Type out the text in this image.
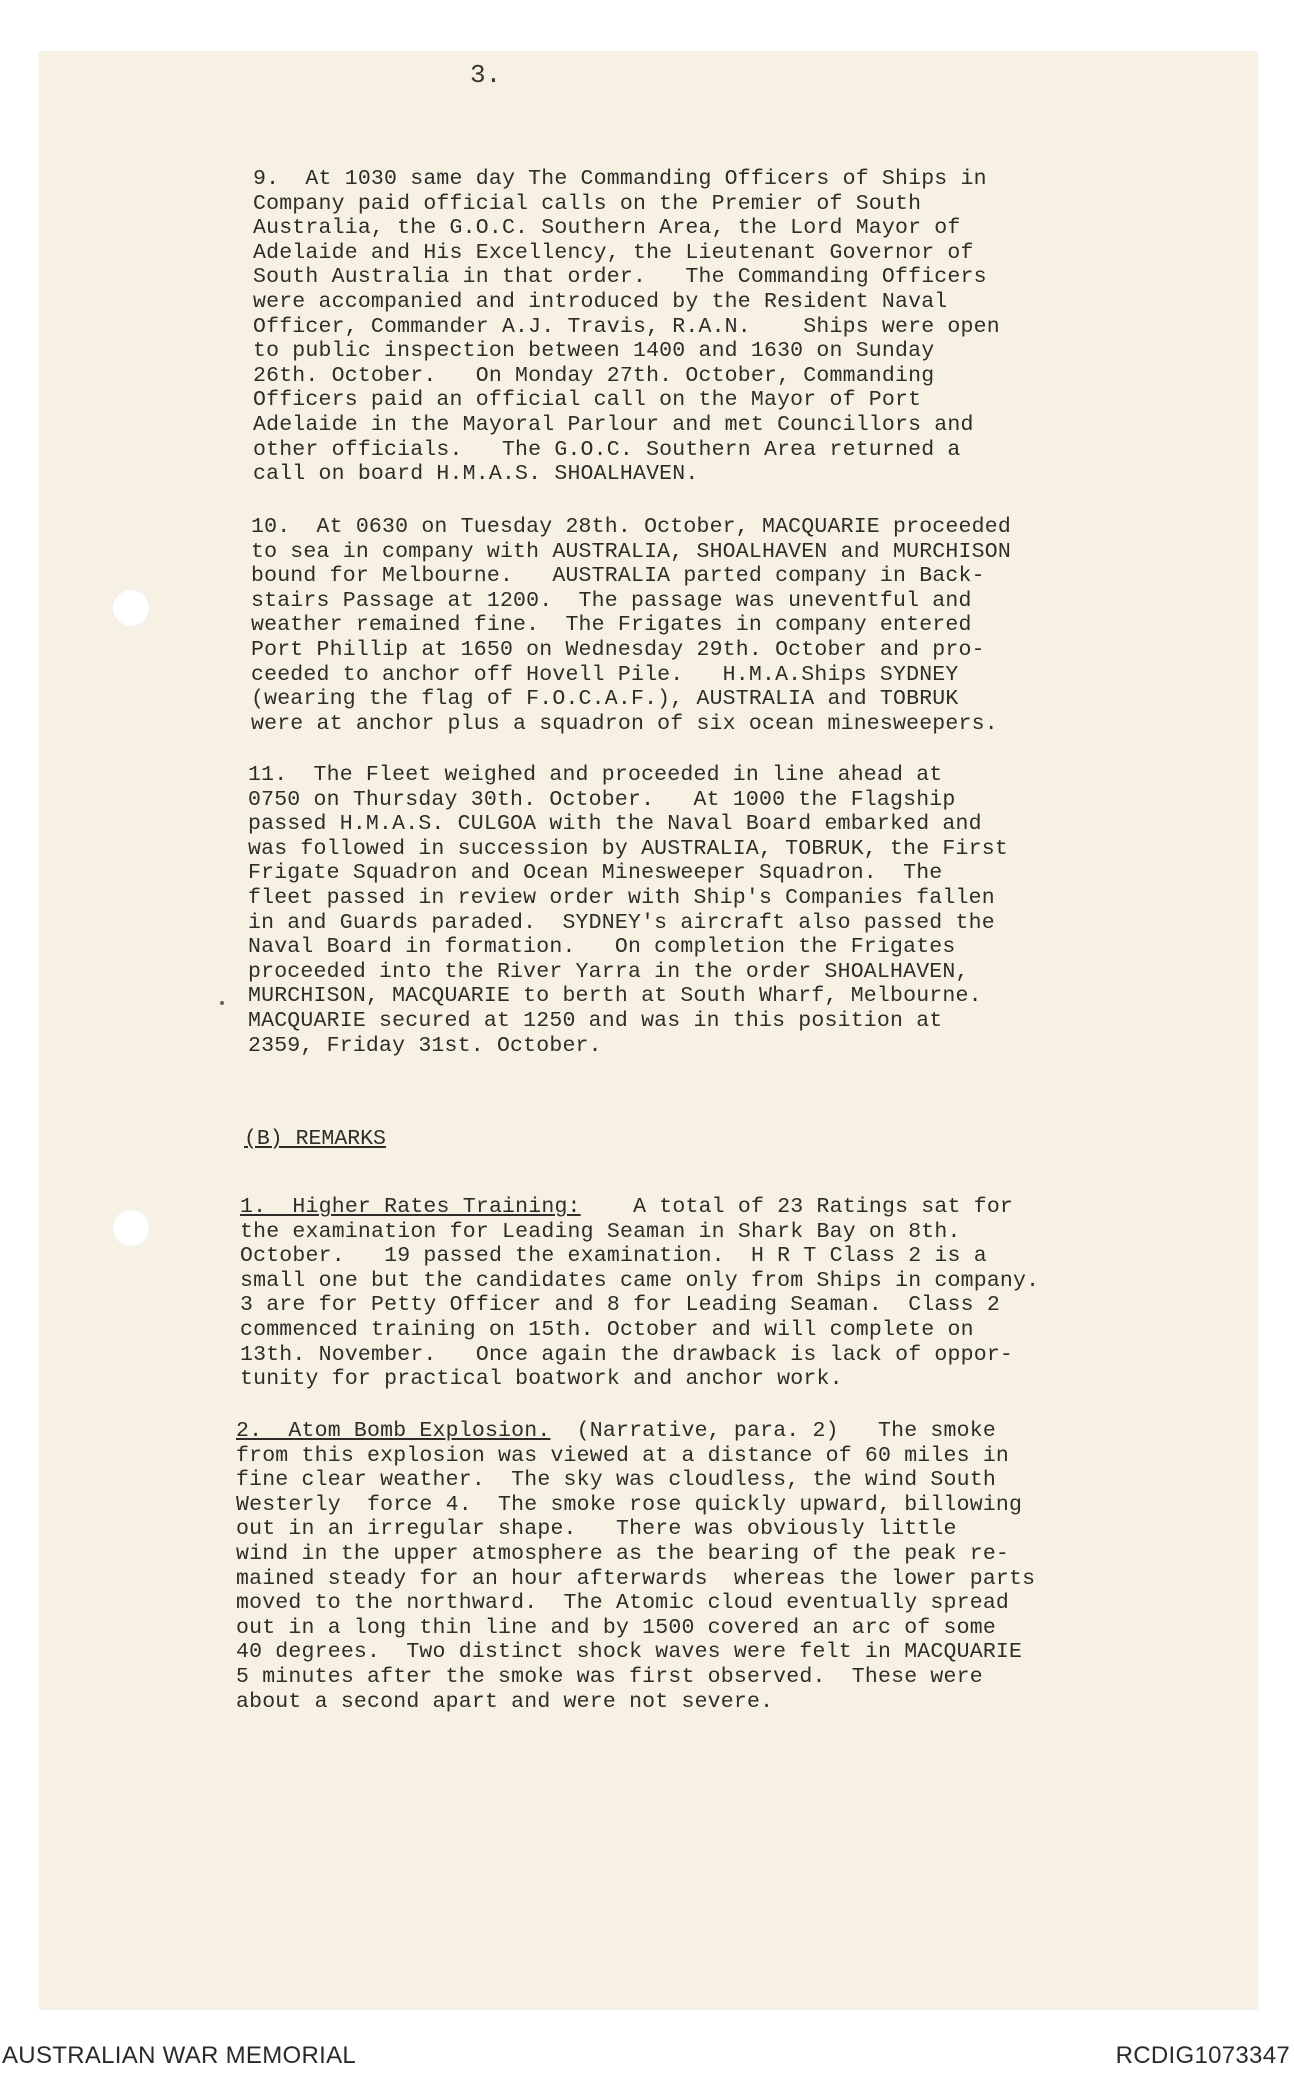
3.

9.  At 1030 same day The Commanding Officers of Ships in
Company paid official calls on the Premier of South
Australia, the G.O.C. Southern Area, the Lord Mayor of
Adelaide and His Excellency, the Lieutenant Governor of
South Australia in that order.   The Commanding Officers
were accompanied and introduced by the Resident Naval
Officer, Commander A.J. Travis, R.A.N.    Ships were open
to public inspection between 1400 and 1630 on Sunday
26th. October.   On Monday 27th. October, Commanding
Officers paid an official call on the Mayor of Port
Adelaide in the Mayoral Parlour and met Councillors and
other officials.   The G.O.C. Southern Area returned a
call on board H.M.A.S. SHOALHAVEN.

10.  At 0630 on Tuesday 28th. October, MACQUARIE proceeded
to sea in company with AUSTRALIA, SHOALHAVEN and MURCHISON
bound for Melbourne.   AUSTRALIA parted company in Back-
stairs Passage at 1200.  The passage was uneventful and
weather remained fine.  The Frigates in company entered
Port Phillip at 1650 on Wednesday 29th. October and pro-
ceeded to anchor off Hovell Pile.   H.M.A.Ships SYDNEY
(wearing the flag of F.O.C.A.F.), AUSTRALIA and TOBRUK
were at anchor plus a squadron of six ocean minesweepers.

11.  The Fleet weighed and proceeded in line ahead at
0750 on Thursday 30th. October.   At 1000 the Flagship
passed H.M.A.S. CULGOA with the Naval Board embarked and
was followed in succession by AUSTRALIA, TOBRUK, the First
Frigate Squadron and Ocean Minesweeper Squadron.  The
fleet passed in review order with Ship's Companies fallen
in and Guards paraded.  SYDNEY's aircraft also passed the
Naval Board in formation.   On completion the Frigates
proceeded into the River Yarra in the order SHOALHAVEN,
MURCHISON, MACQUARIE to berth at South Wharf, Melbourne.
MACQUARIE secured at 1250 and was in this position at
2359, Friday 31st. October.

(B) REMARKS

1.  Higher Rates Training:    A total of 23 Ratings sat for
the examination for Leading Seaman in Shark Bay on 8th.
October.   19 passed the examination.  H R T Class 2 is a
small one but the candidates came only from Ships in company.
3 are for Petty Officer and 8 for Leading Seaman.  Class 2
commenced training on 15th. October and will complete on
13th. November.   Once again the drawback is lack of oppor-
tunity for practical boatwork and anchor work.

2.  Atom Bomb Explosion.  (Narrative, para. 2)   The smoke
from this explosion was viewed at a distance of 60 miles in
fine clear weather.  The sky was cloudless, the wind South
Westerly  force 4.  The smoke rose quickly upward, billowing
out in an irregular shape.   There was obviously little
wind in the upper atmosphere as the bearing of the peak re-
mained steady for an hour afterwards  whereas the lower parts
moved to the northward.  The Atomic cloud eventually spread
out in a long thin line and by 1500 covered an arc of some
40 degrees.  Two distinct shock waves were felt in MACQUARIE
5 minutes after the smoke was first observed.  These were
about a second apart and were not severe.

AUSTRALIAN WAR MEMORIAL	RCDIG1073347
